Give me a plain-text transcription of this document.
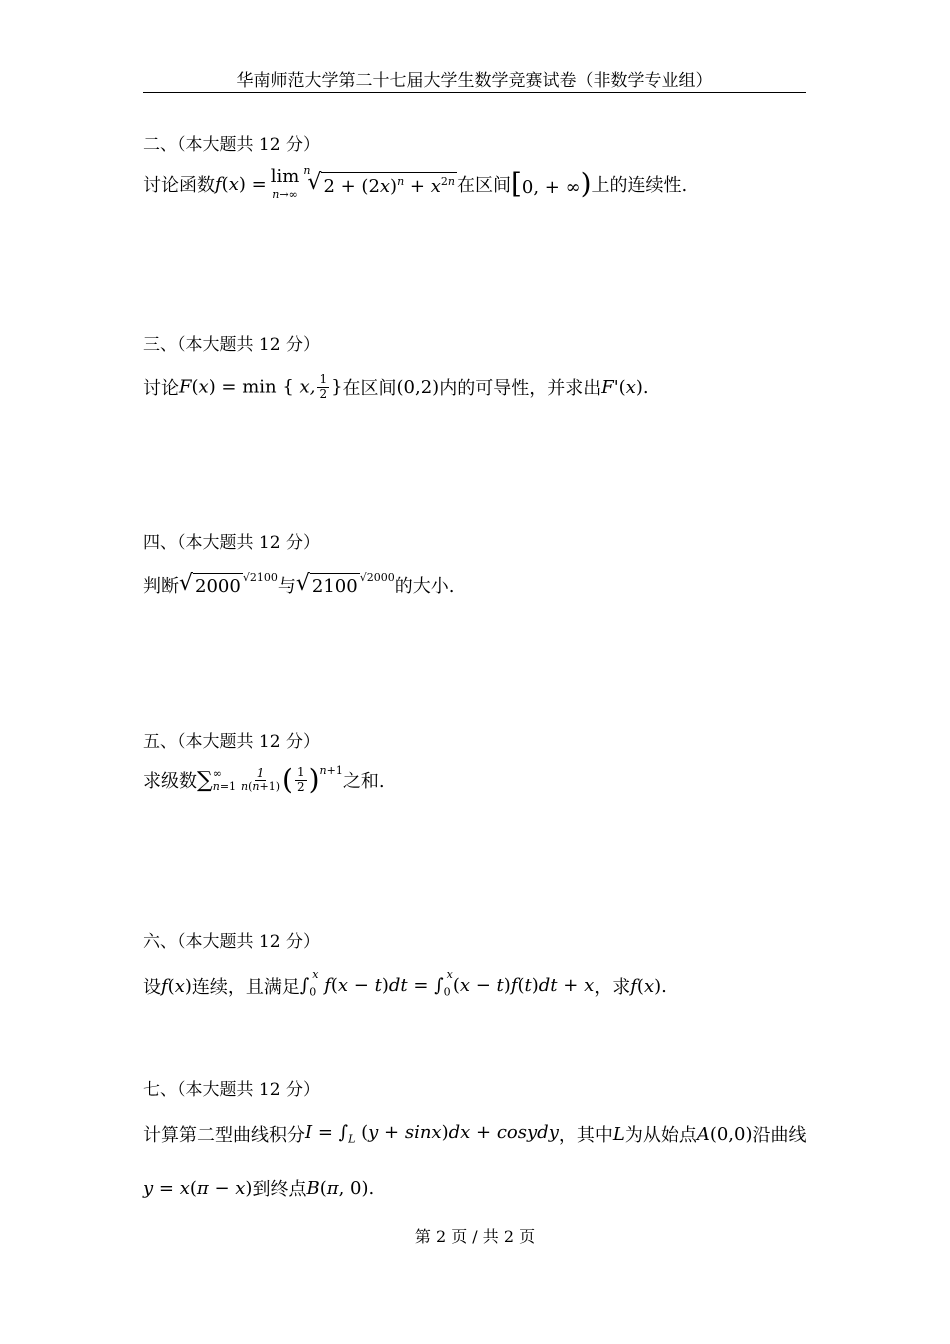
华南师范大学第二十七届大学生数学竞赛试卷（非数学专业组）
二、（本大题共 12 分）
讨论函数 f(x) = lim
n→∞
n
√ $2 + (2x)^n + x^{2n}$ 在区间 [0, + ∞) 上的连续性.
三、（本大题共 12 分）
讨论 F(x) = min { x, $\frac{1}{2}$ } 在区间 (0,2) 内的可导性，并求出 F'(x) .
四、（本大题共 12 分）
判断 √ $2000^{√2100}$ 与 √ $2100^{√2000}$ 的大小.
五、（本大题共 12 分）
求级数 ∑ ∞
$n=1 \frac{1}{n(n+1)}$ ( $\frac{1}{2} )^{n+1}$
之和.
六、（本大题共 12 分）
设 f(x) 连续，且满足 $\int_0^x$ $f(x - t)dt = \int_0^x(x - t)f(t)dt + x$ ，求 f(x) .
七、（本大题共 12 分）
计算第二型曲线积分 $I = \int_L$ (y + sinx)dx + cosydy ，其中 L 为从始点 A(0,0) 沿曲线
y = x(π − x) 到终点 B(π, 0) .
第 2 页 / 共 2 页
